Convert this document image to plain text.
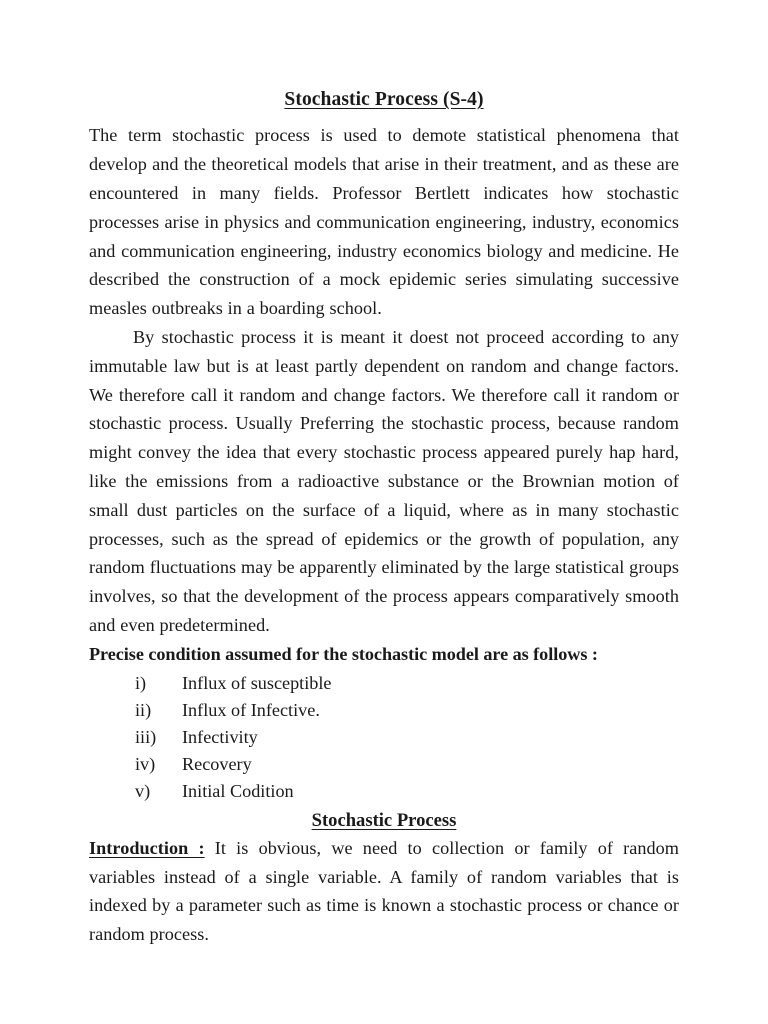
Stochastic Process (S-4)

The term stochastic process is used to demote statistical phenomena that develop and the theoretical models that arise in their treatment, and as these are encountered in many fields. Professor Bertlett indicates how stochastic processes arise in physics and communication engineering, industry, economics and communication engineering, industry economics biology and medicine. He described the construction of a mock epidemic series simulating successive measles outbreaks in a boarding school.

By stochastic process it is meant it doest not proceed according to any immutable law but is at least partly dependent on random and change factors. We therefore call it random and change factors. We therefore call it random or stochastic process. Usually Preferring the stochastic process, because random might convey the idea that every stochastic process appeared purely hap hard, like the emissions from a radioactive substance or the Brownian motion of small dust particles on the surface of a liquid, where as in many stochastic processes, such as the spread of epidemics or the growth of population, any random fluctuations may be apparently eliminated by the large statistical groups involves, so that the development of the process appears comparatively smooth and even predetermined.

Precise condition assumed for the stochastic model are as follows :

i)	Influx of susceptible
ii)	Influx of Infective.
iii)	Infectivity
iv)	Recovery
v)	Initial Codition
Stochastic Process

Introduction : It is obvious, we need to collection or family of random variables instead of a single variable. A family of random variables that is indexed by a parameter such as time is known a stochastic process or chance or random process.
